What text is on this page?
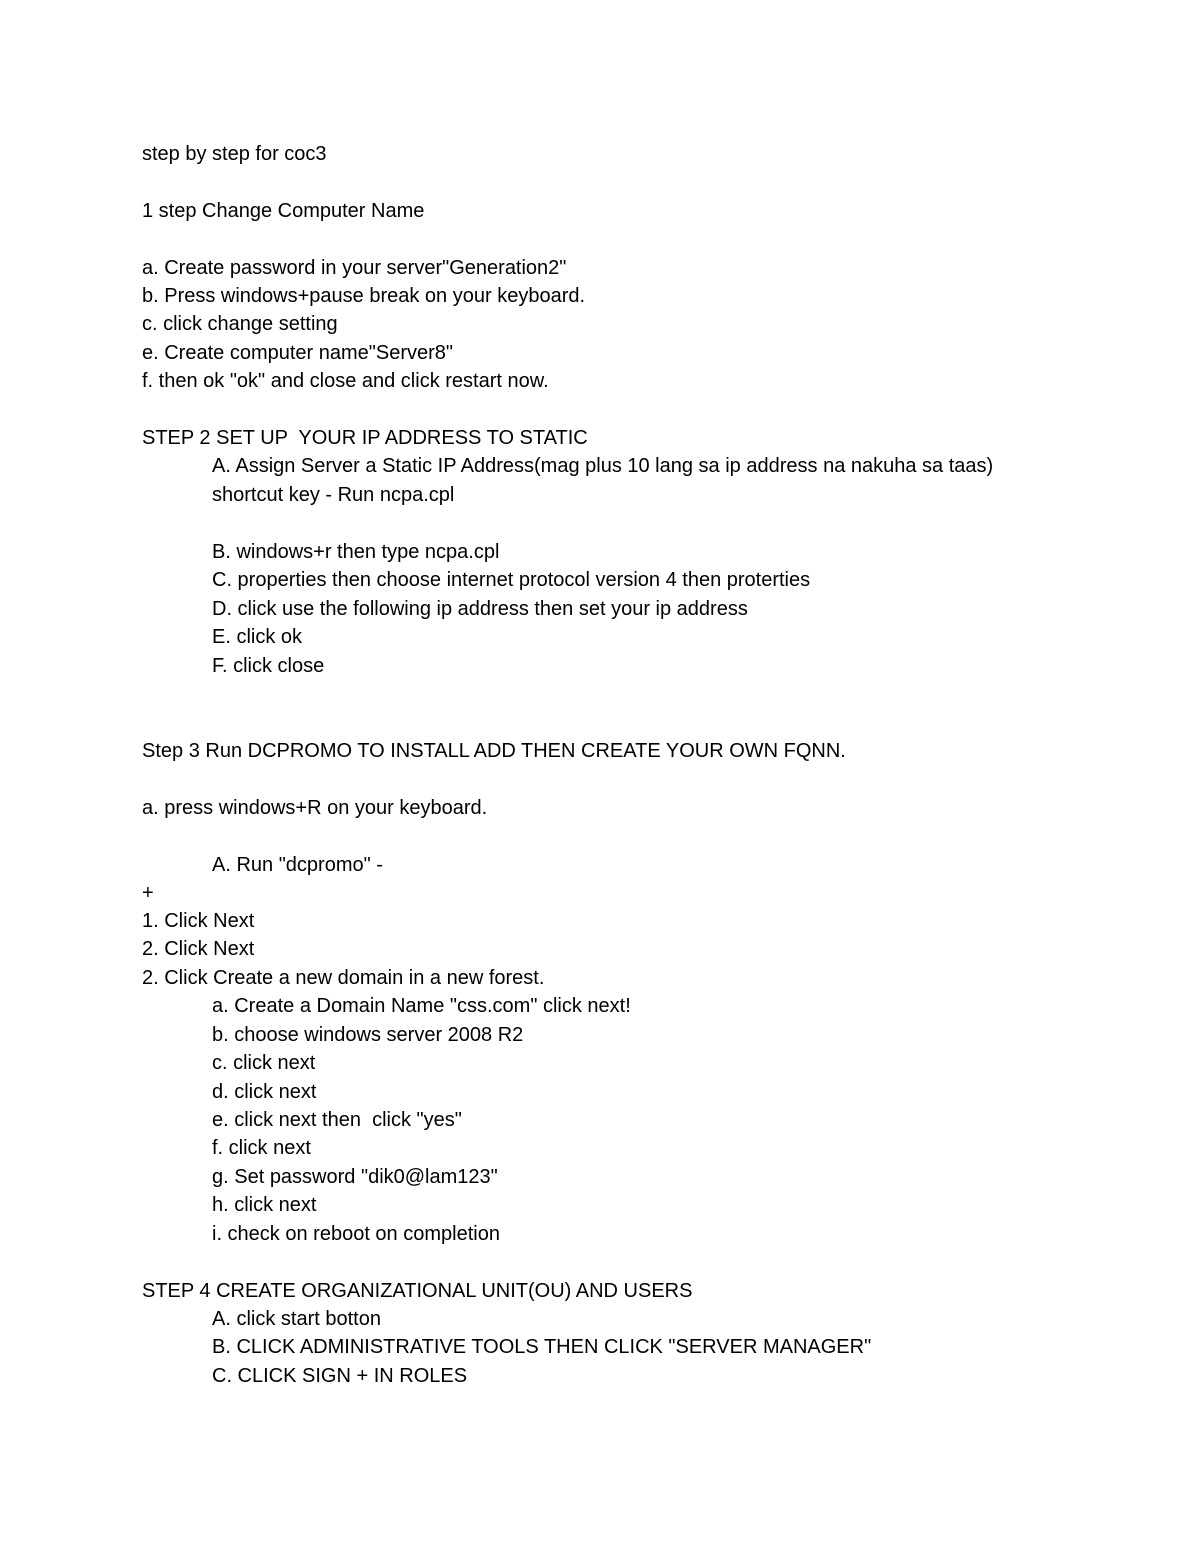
step by step for coc3
1 step Change Computer Name
a. Create password in your server"Generation2"
b. Press windows+pause break on your keyboard.
c. click change setting
e. Create computer name"Server8"
f. then ok "ok" and close and click restart now.
STEP 2 SET UP  YOUR IP ADDRESS TO STATIC
A. Assign Server a Static IP Address(mag plus 10 lang sa ip address na nakuha sa taas)
shortcut key - Run ncpa.cpl
B. windows+r then type ncpa.cpl
C. properties then choose internet protocol version 4 then proterties
D. click use the following ip address then set your ip address
E. click ok
F. click close
Step 3 Run DCPROMO TO INSTALL ADD THEN CREATE YOUR OWN FQNN.
a. press windows+R on your keyboard.
A. Run "dcpromo" -
+
1. Click Next
2. Click Next
2. Click Create a new domain in a new forest.
a. Create a Domain Name "css.com" click next!
b. choose windows server 2008 R2
c. click next
d. click next
e. click next then  click "yes"
f. click next
g. Set password "dik0@lam123"
h. click next
i. check on reboot on completion
STEP 4 CREATE ORGANIZATIONAL UNIT(OU) AND USERS
A. click start botton
B. CLICK ADMINISTRATIVE TOOLS THEN CLICK "SERVER MANAGER"
C. CLICK SIGN + IN ROLES
